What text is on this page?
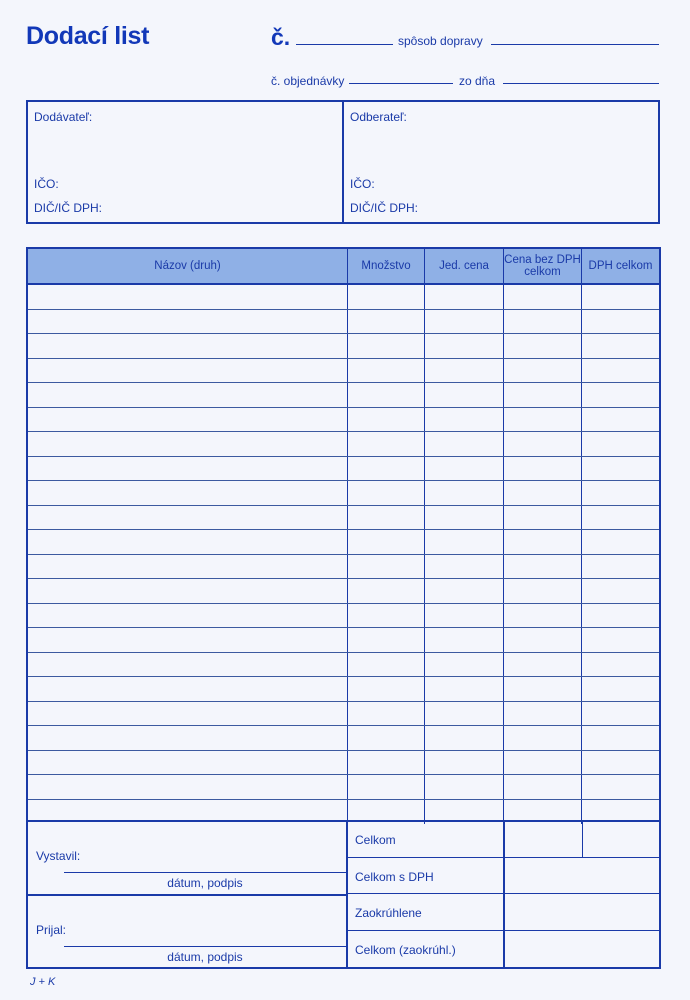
Dodací list	č.	spôsob dopravy
č. objednávky	zo dňa
Dodávateľ:
IČO:
DIČ/IČ DPH:
Odberateľ:
IČO:
DIČ/IČ DPH:
Názov (druh)	Množstvo	Jed. cena	Cena bez DPH celkom	DPH celkom
Vystavil:
dátum, podpis
Prijal:
dátum, podpis
Celkom
Celkom s DPH
Zaokrúhlene
Celkom (zaokrúhl.)
J + K
